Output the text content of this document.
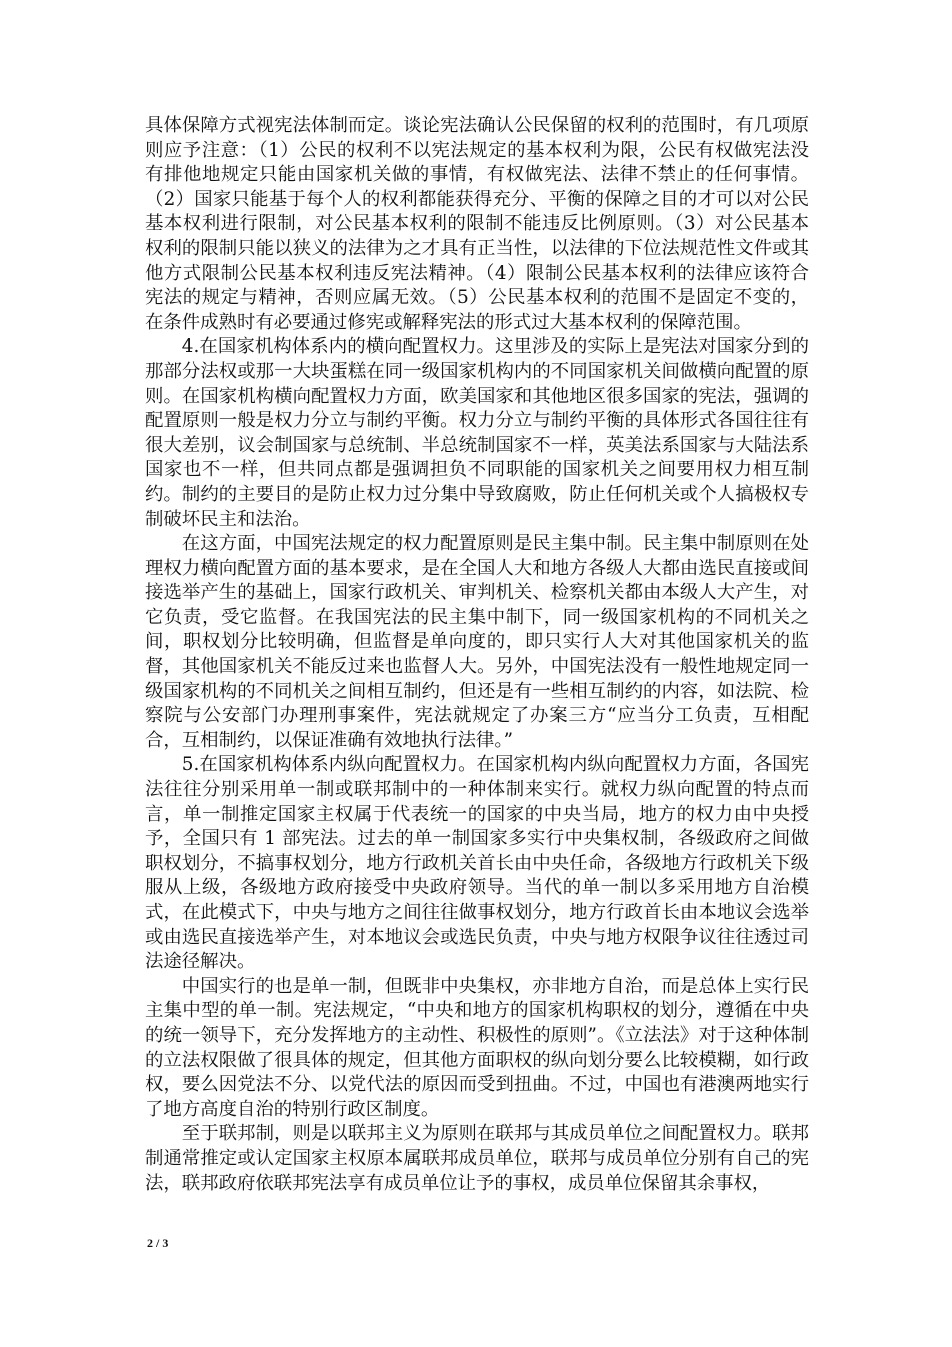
具体保障方式视宪法体制而定。谈论宪法确认公民保留的权利的范围时，有几项原则应予注意：（1）公民的权利不以宪法规定的基本权利为限，公民有权做宪法没有排他地规定只能由国家机关做的事情，有权做宪法、法律不禁止的任何事情。（2）国家只能基于每个人的权利都能获得充分、平衡的保障之目的才可以对公民基本权利进行限制，对公民基本权利的限制不能违反比例原则。（3）对公民基本权利的限制只能以狭义的法律为之才具有正当性，以法律的下位法规范性文件或其他方式限制公民基本权利违反宪法精神。（4）限制公民基本权利的法律应该符合宪法的规定与精神，否则应属无效。（5）公民基本权利的范围不是固定不变的，在条件成熟时有必要通过修宪或解释宪法的形式过大基本权利的保障范围。

4.在国家机构体系内的横向配置权力。这里涉及的实际上是宪法对国家分到的那部分法权或那一大块蛋糕在同一级国家机构内的不同国家机关间做横向配置的原则。在国家机构横向配置权力方面，欧美国家和其他地区很多国家的宪法，强调的配置原则一般是权力分立与制约平衡。权力分立与制约平衡的具体形式各国往往有很大差别，议会制国家与总统制、半总统制国家不一样，英美法系国家与大陆法系国家也不一样，但共同点都是强调担负不同职能的国家机关之间要用权力相互制约。制约的主要目的是防止权力过分集中导致腐败，防止任何机关或个人搞极权专制破坏民主和法治。

在这方面，中国宪法规定的权力配置原则是民主集中制。民主集中制原则在处理权力横向配置方面的基本要求，是在全国人大和地方各级人大都由选民直接或间接选举产生的基础上，国家行政机关、审判机关、检察机关都由本级人大产生，对它负责，受它监督。在我国宪法的民主集中制下，同一级国家机构的不同机关之间，职权划分比较明确，但监督是单向度的，即只实行人大对其他国家机关的监督，其他国家机关不能反过来也监督人大。另外，中国宪法没有一般性地规定同一级国家机构的不同机关之间相互制约，但还是有一些相互制约的内容，如法院、检察院与公安部门办理刑事案件，宪法就规定了办案三方“应当分工负责，互相配合，互相制约，以保证准确有效地执行法律。”

5.在国家机构体系内纵向配置权力。在国家机构内纵向配置权力方面，各国宪法往往分别采用单一制或联邦制中的一种体制来实行。就权力纵向配置的特点而言，单一制推定国家主权属于代表统一的国家的中央当局，地方的权力由中央授予，全国只有 1 部宪法。过去的单一制国家多实行中央集权制，各级政府之间做职权划分，不搞事权划分，地方行政机关首长由中央任命，各级地方行政机关下级服从上级，各级地方政府接受中央政府领导。当代的单一制以多采用地方自治模式，在此模式下，中央与地方之间往往做事权划分，地方行政首长由本地议会选举或由选民直接选举产生，对本地议会或选民负责，中央与地方权限争议往往透过司法途径解决。

中国实行的也是单一制，但既非中央集权，亦非地方自治，而是总体上实行民主集中型的单一制。宪法规定，“中央和地方的国家机构职权的划分，遵循在中央的统一领导下，充分发挥地方的主动性、积极性的原则”。《立法法》对于这种体制的立法权限做了很具体的规定，但其他方面职权的纵向划分要么比较模糊，如行政权，要么因党法不分、以党代法的原因而受到扭曲。不过，中国也有港澳两地实行了地方高度自治的特别行政区制度。

至于联邦制，则是以联邦主义为原则在联邦与其成员单位之间配置权力。联邦制通常推定或认定国家主权原本属联邦成员单位，联邦与成员单位分别有自己的宪法，联邦政府依联邦宪法享有成员单位让予的事权，成员单位保留其余事权，

2 / 3
